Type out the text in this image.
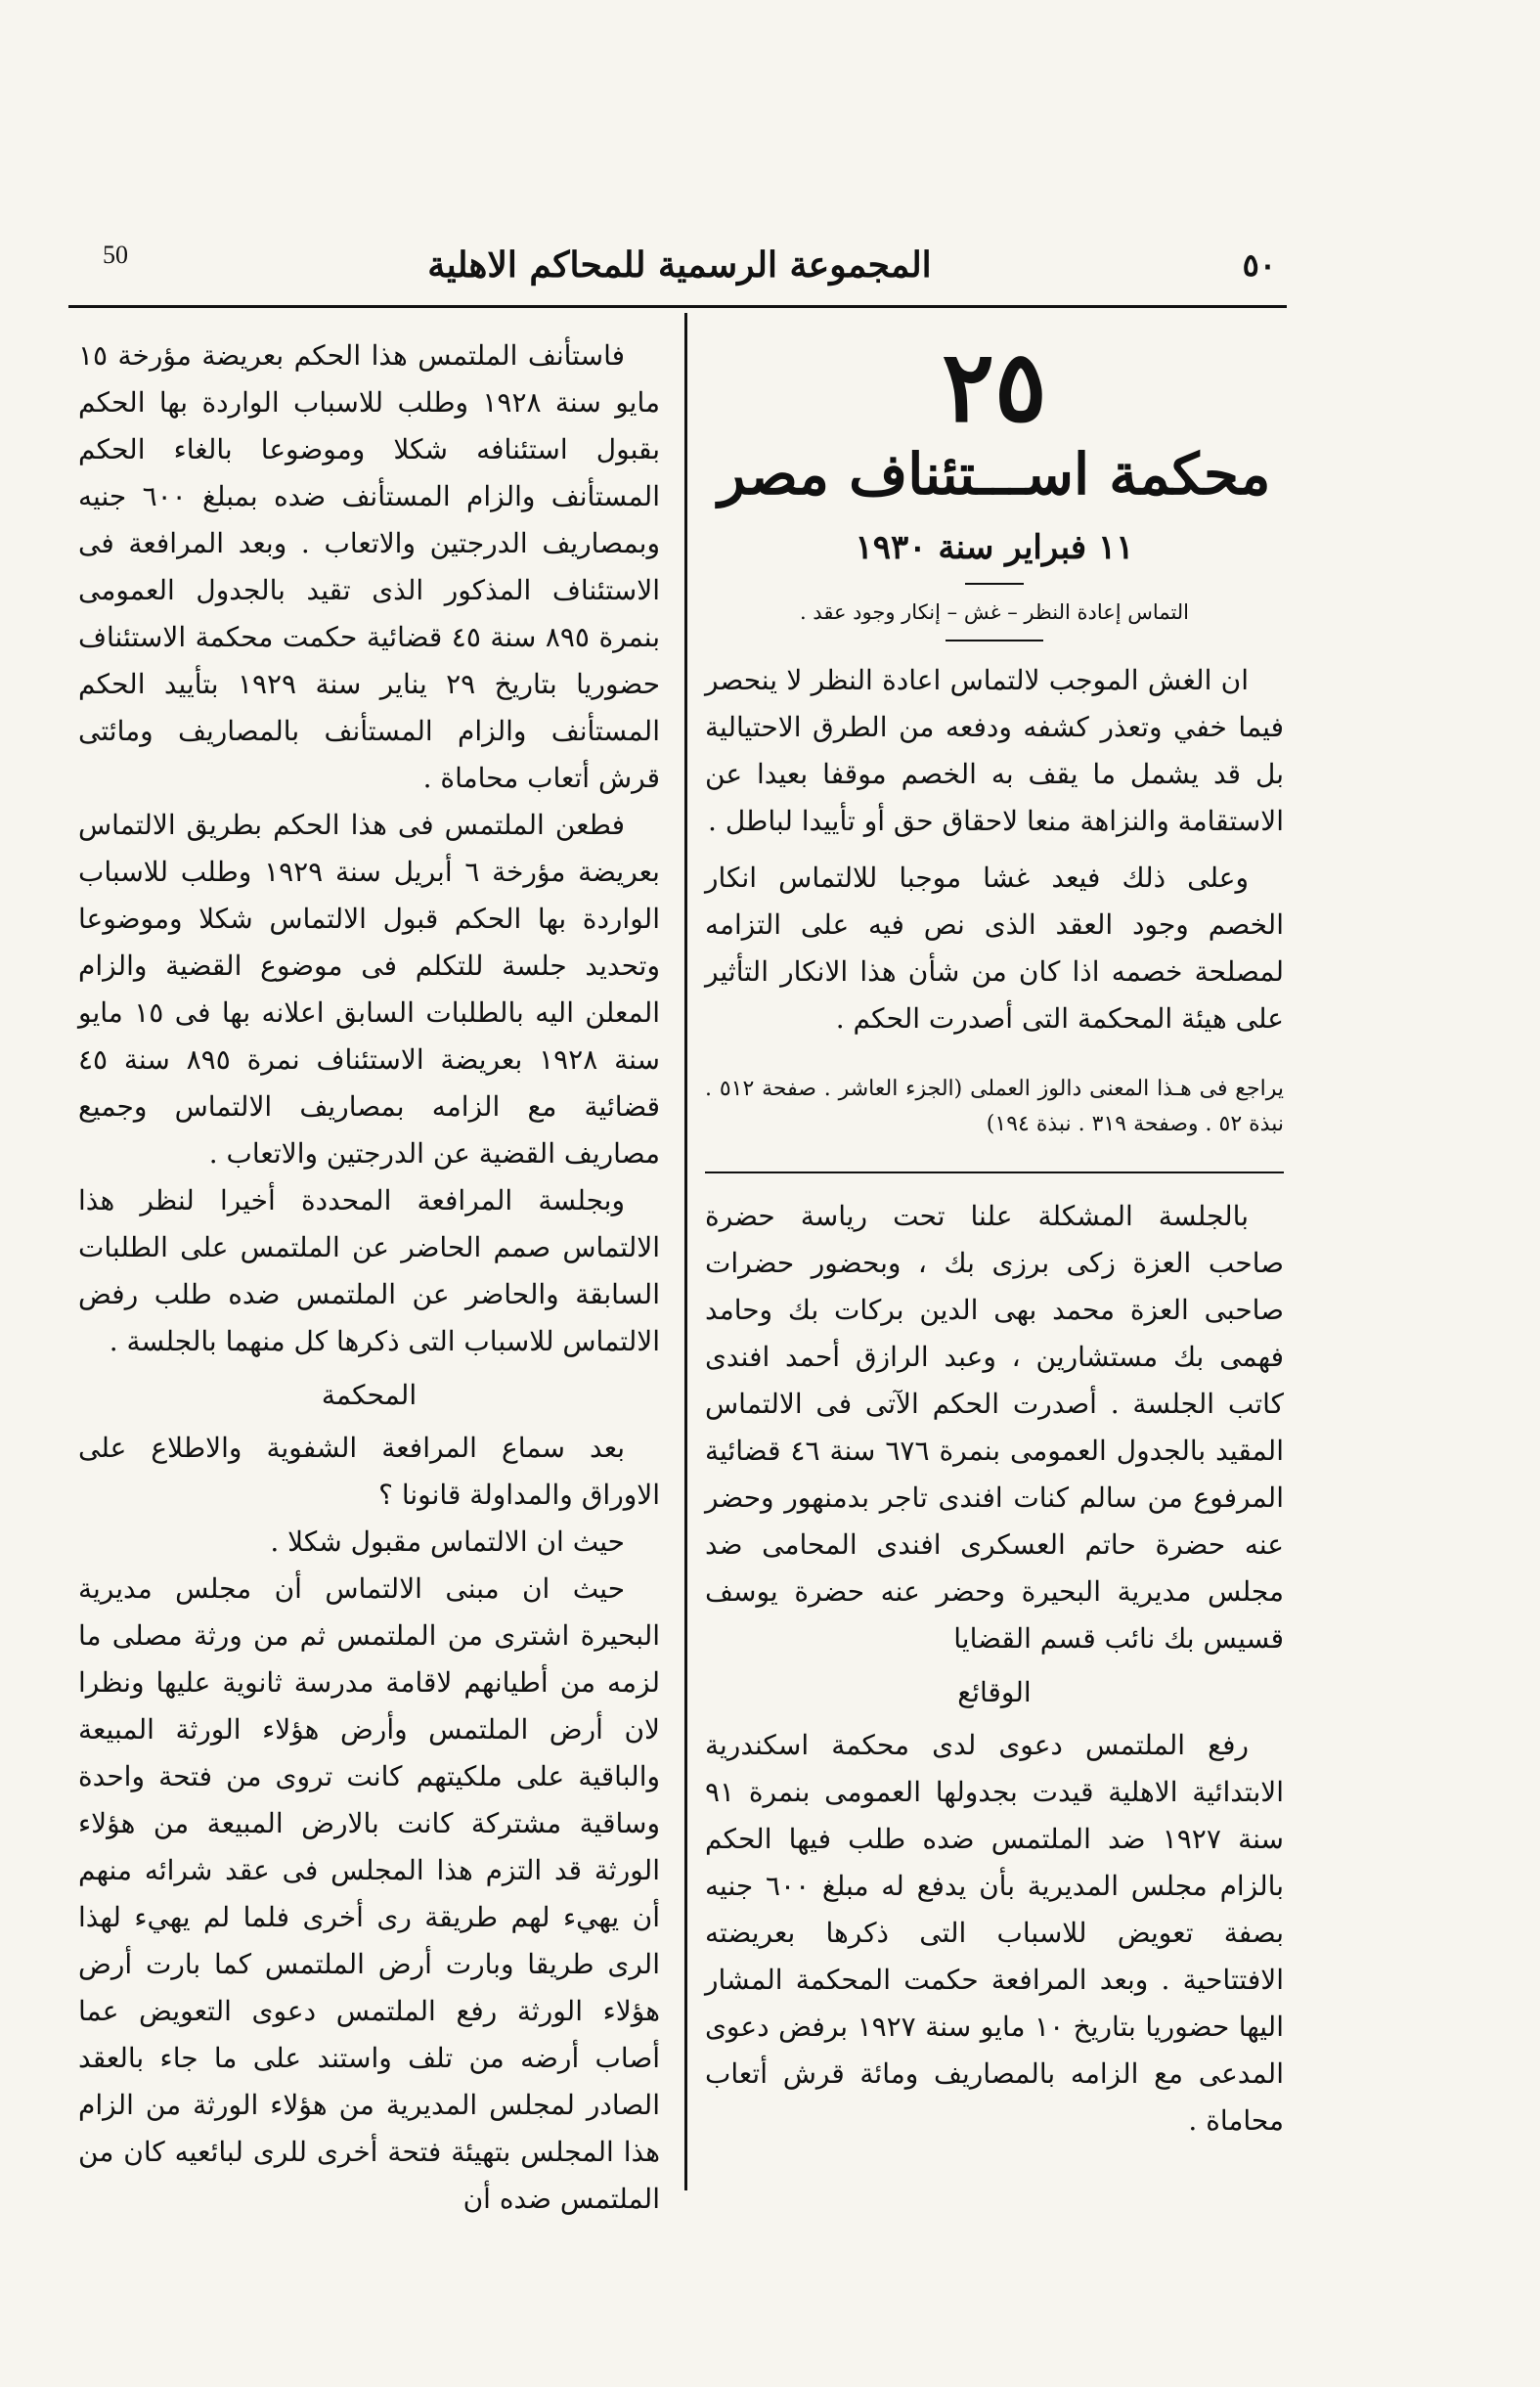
50	المجموعة الرسمية للمحاكم الاهلية	٥٠
٢٥
محكمة اســـتئناف مصر
١١ فبراير سنة ١٩٣٠
التماس إعادة النظر – غش – إنكار وجود عقد .

ان الغش الموجب لالتماس اعادة النظر لا ينحصر فيما خفي وتعذر كشفه ودفعه من الطرق الاحتيالية بل قد يشمل ما يقف به الخصم موقفا بعيدا عن الاستقامة والنزاهة منعا لاحقاق حق أو تأييدا لباطل .

وعلى ذلك فيعد غشا موجبا للالتماس انكار الخصم وجود العقد الذى نص فيه على التزامه لمصلحة خصمه اذا كان من شأن هذا الانكار التأثير على هيئة المحكمة التى أصدرت الحكم .

يراجع فى هـذا المعنى دالوز العملى (الجزء العاشر . صفحة ٥١٢ . نبذة ٥٢ . وصفحة ٣١٩ . نبذة ١٩٤)

بالجلسة المشكلة علنا تحت رياسة حضرة صاحب العزة زكى برزى بك ، وبحضور حضرات صاحبى العزة محمد بهى الدين بركات بك وحامد فهمى بك مستشارين ، وعبد الرازق أحمد افندى كاتب الجلسة . أصدرت الحكم الآتى فى الالتماس المقيد بالجدول العمومى بنمرة ٦٧٦ سنة ٤٦ قضائية المرفوع من سالم كنات افندى تاجر بدمنهور وحضر عنه حضرة حاتم العسكرى افندى المحامى ضد مجلس مديرية البحيرة وحضر عنه حضرة يوسف قسيس بك نائب قسم القضايا

الوقائع

رفع الملتمس دعوى لدى محكمة اسكندرية الابتدائية الاهلية قيدت بجدولها العمومى بنمرة ٩١ سنة ١٩٢٧ ضد الملتمس ضده طلب فيها الحكم بالزام مجلس المديرية بأن يدفع له مبلغ ٦٠٠ جنيه بصفة تعويض للاسباب التى ذكرها بعريضته الافتتاحية . وبعد المرافعة حكمت المحكمة المشار اليها حضوريا بتاريخ ١٠ مايو سنة ١٩٢٧ برفض دعوى المدعى مع الزامه بالمصاريف ومائة قرش أتعاب محاماة .

فاستأنف الملتمس هذا الحكم بعريضة مؤرخة ١٥ مايو سنة ١٩٢٨ وطلب للاسباب الواردة بها الحكم بقبول استئنافه شكلا وموضوعا بالغاء الحكم المستأنف والزام المستأنف ضده بمبلغ ٦٠٠ جنيه وبمصاريف الدرجتين والاتعاب . وبعد المرافعة فى الاستئناف المذكور الذى تقيد بالجدول العمومى بنمرة ٨٩٥ سنة ٤٥ قضائية حكمت محكمة الاستئناف حضوريا بتاريخ ٢٩ يناير سنة ١٩٢٩ بتأييد الحكم المستأنف والزام المستأنف بالمصاريف ومائتى قرش أتعاب محاماة .

فطعن الملتمس فى هذا الحكم بطريق الالتماس بعريضة مؤرخة ٦ أبريل سنة ١٩٢٩ وطلب للاسباب الواردة بها الحكم قبول الالتماس شكلا وموضوعا وتحديد جلسة للتكلم فى موضوع القضية والزام المعلن اليه بالطلبات السابق اعلانه بها فى ١٥ مايو سنة ١٩٢٨ بعريضة الاستئناف نمرة ٨٩٥ سنة ٤٥ قضائية مع الزامه بمصاريف الالتماس وجميع مصاريف القضية عن الدرجتين والاتعاب .

وبجلسة المرافعة المحددة أخيرا لنظر هذا الالتماس صمم الحاضر عن الملتمس على الطلبات السابقة والحاضر عن الملتمس ضده طلب رفض الالتماس للاسباب التى ذكرها كل منهما بالجلسة .

المحكمة

بعد سماع المرافعة الشفوية والاطلاع على الاوراق والمداولة قانونا ؟

حيث ان الالتماس مقبول شكلا .

حيث ان مبنى الالتماس أن مجلس مديرية البحيرة اشترى من الملتمس ثم من ورثة مصلى ما لزمه من أطيانهم لاقامة مدرسة ثانوية عليها ونظرا لان أرض الملتمس وأرض هؤلاء الورثة المبيعة والباقية على ملكيتهم كانت تروى من فتحة واحدة وساقية مشتركة كانت بالارض المبيعة من هؤلاء الورثة قد التزم هذا المجلس فى عقد شرائه منهم أن يهيء لهم طريقة رى أخرى فلما لم يهيء لهذا الرى طريقا وبارت أرض الملتمس كما بارت أرض هؤلاء الورثة رفع الملتمس دعوى التعويض عما أصاب أرضه من تلف واستند على ما جاء بالعقد الصادر لمجلس المديرية من هؤلاء الورثة من الزام هذا المجلس بتهيئة فتحة أخرى للرى لبائعيه كان من الملتمس ضده أن
